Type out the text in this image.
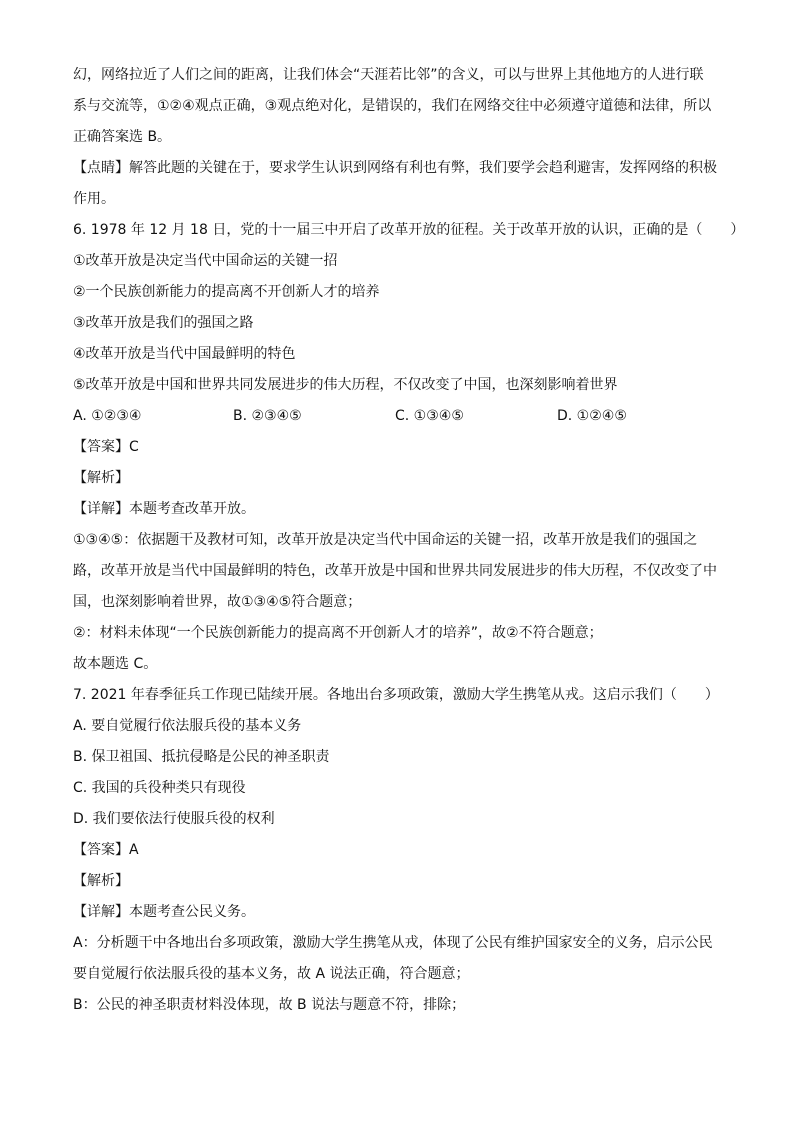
幻，网络拉近了人们之间的距离，让我们体会“天涯若比邻”的含义，可以与世界上其他地方的人进行联
系与交流等，①②④观点正确，③观点绝对化，是错误的，我们在网络交往中必须遵守道德和法律，所以
正确答案选 B。
【点睛】解答此题的关键在于，要求学生认识到网络有利也有弊，我们要学会趋利避害，发挥网络的积极
作用。
6. 1978 年 12 月 18 日，党的十一届三中开启了改革开放的征程。关于改革开放的认识，正确的是（　　）
①改革开放是决定当代中国命运的关键一招
②一个民族创新能力的提高离不开创新人才的培养
③改革开放是我们的强国之路
④改革开放是当代中国最鲜明的特色
⑤改革开放是中国和世界共同发展进步的伟大历程，不仅改变了中国，也深刻影响着世界
A. ①②③④	B. ②③④⑤	C. ①③④⑤	D. ①②④⑤
【答案】C
【解析】
【详解】本题考查改革开放。
①③④⑤：依据题干及教材可知，改革开放是决定当代中国命运的关键一招，改革开放是我们的强国之
路，改革开放是当代中国最鲜明的特色，改革开放是中国和世界共同发展进步的伟大历程，不仅改变了中
国，也深刻影响着世界，故①③④⑤符合题意；
②：材料未体现“一个民族创新能力的提高离不开创新人才的培养”，故②不符合题意；
故本题选 C。
7. 2021 年春季征兵工作现已陆续开展。各地出台多项政策，激励大学生携笔从戎。这启示我们（　　）
A. 要自觉履行依法服兵役的基本义务
B. 保卫祖国、抵抗侵略是公民的神圣职责
C. 我国的兵役种类只有现役
D. 我们要依法行使服兵役的权利
【答案】A
【解析】
【详解】本题考查公民义务。
A：分析题干中各地出台多项政策，激励大学生携笔从戎，体现了公民有维护国家安全的义务，启示公民
要自觉履行依法服兵役的基本义务，故 A 说法正确，符合题意；
B：公民的神圣职责材料没体现，故 B 说法与题意不符，排除；
